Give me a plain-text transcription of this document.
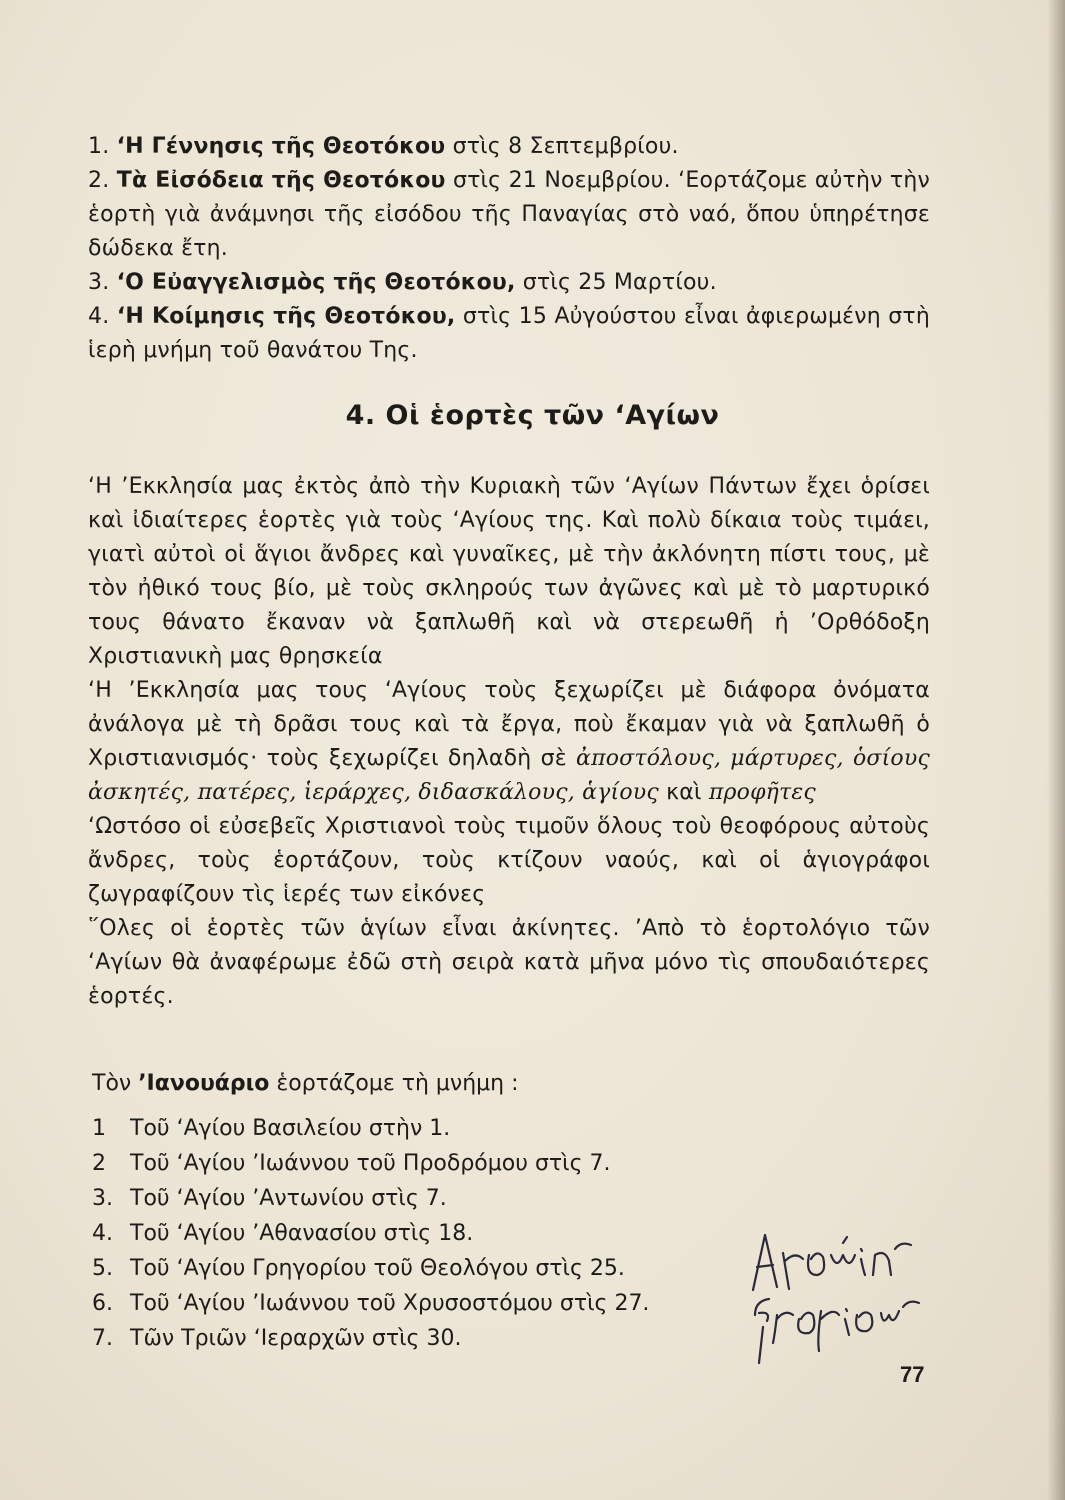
1. ‘Η Γέννησις τῆς Θεοτόκου στὶς 8 Σεπτεμβρίου.

2. Τὰ Εἰσόδεια τῆς Θεοτόκου στὶς 21 Νοεμβρίου. ‘Εορτάζομε αὐτὴν τὴν ἑορτὴ γιὰ ἀνάμνησι τῆς εἰσόδου τῆς Παναγίας στὸ ναό, ὅπου ὑπηρέτησε δώδεκα ἔτη.

3. ‘Ο Εὐαγγελισμὸς τῆς Θεοτόκου, στὶς 25 Μαρτίου.

4. ‘Η Κοίμησις τῆς Θεοτόκου, στὶς 15 Αὐγούστου εἶναι ἀφιερωμένη στὴ ἱερὴ μνήμη τοῦ θανάτου Της.

4. Οἱ ἑορτὲς τῶν ‘Αγίων

‘Η ’Εκκλησία μας ἐκτὸς ἀπὸ τὴν Κυριακὴ τῶν ‘Αγίων Πάντων ἔχει ὁρίσει καὶ ἰδιαίτερες ἑορτὲς γιὰ τοὺς ‘Αγίους της. Καὶ πολὺ δίκαια τοὺς τιμάει, γιατὶ αὐτοὶ οἱ ἅγιοι ἄνδρες καὶ γυναῖκες, μὲ τὴν ἀκλόνητη πίστι τους, μὲ τὸν ἠθικό τους βίο, μὲ τοὺς σκληρούς των ἀγῶνες καὶ μὲ τὸ μαρτυρικό τους θάνατο ἔκαναν νὰ ξαπλωθῆ καὶ νὰ στερεωθῆ ἡ ’Ορθόδοξη Χριστιανικὴ μας θρησκεία

‘Η ’Εκκλησία μας τους ‘Αγίους τοὺς ξεχωρίζει μὲ διάφορα ὀνόματα ἀνάλογα μὲ τὴ δρᾶσι τους καὶ τὰ ἔργα, ποὺ ἔκαμαν γιὰ νὰ ξαπλωθῆ ὁ Χριστιανισμός· τοὺς ξεχωρίζει δηλαδὴ σὲ ἀποστόλους, μάρτυρες, ὁσίους ἀσκητές, πατέρες, ἱεράρχες, διδασκάλους, ἁγίους καὶ προφῆτες

‘Ωστόσο οἱ εὐσεβεῖς Χριστιανοὶ τοὺς τιμοῦν ὅλους τοὺ θεοφόρους αὐτοὺς ἄνδρες, τοὺς ἑορτάζουν, τοὺς κτίζουν ναούς, καὶ οἱ ἁγιογράφοι ζωγραφίζουν τὶς ἱερές των εἰκόνες

῞Ολες οἱ ἑορτὲς τῶν ἁγίων εἶναι ἀκίνητες. ’Απὸ τὸ ἑορτολόγιο τῶν ‘Αγίων θὰ ἀναφέρωμε ἐδῶ στὴ σειρὰ κατὰ μῆνα μόνο τὶς σπουδαιότερες ἑορτές.

Τὸν ’Ιανουάριο ἑορτάζομε τὴ μνήμη :
1	Τοῦ ‘Αγίου Βασιλείου στὴν 1.
2	Τοῦ ‘Αγίου ’Ιωάννου τοῦ Προδρόμου στὶς 7.
3. Τοῦ ‘Αγίου ’Αντωνίου στὶς 7.
4. Τοῦ ‘Αγίου ’Αθανασίου στὶς 18.
5. Τοῦ ‘Αγίου Γρηγορίου τοῦ Θεολόγου στὶς 25.
6. Τοῦ ‘Αγίου ’Ιωάννου τοῦ Χρυσοστόμου στὶς 27.
7. Τῶν Τριῶν ‘Ιεραρχῶν στὶς 30.
77
